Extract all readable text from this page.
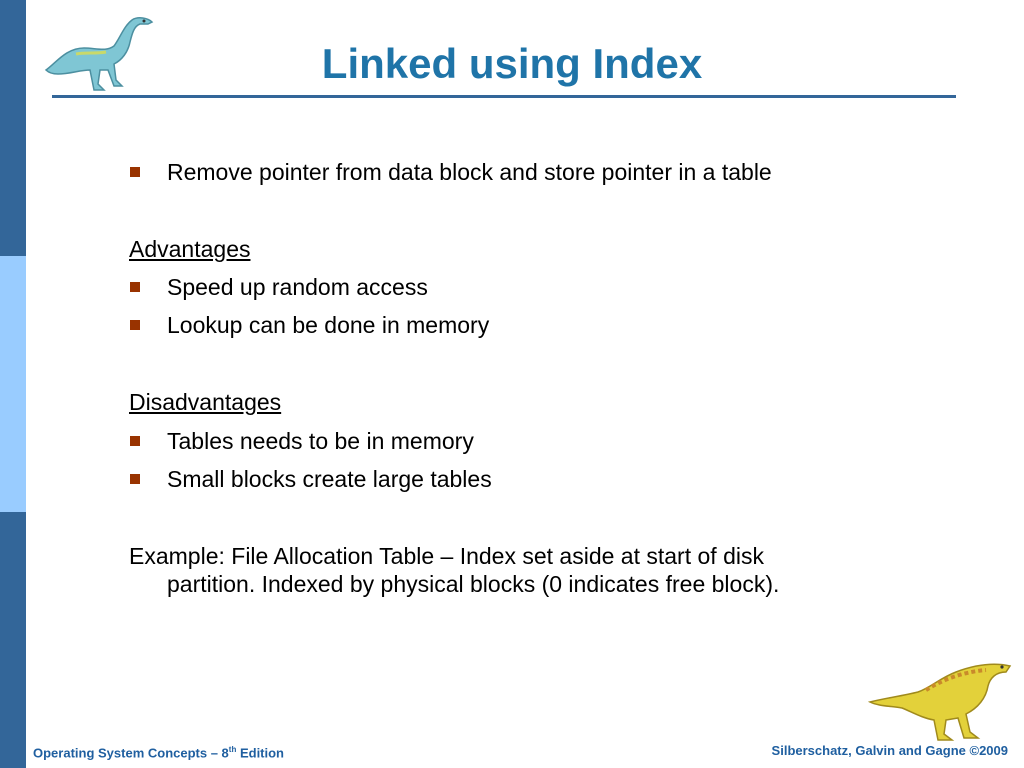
Linked using Index
Remove pointer from data block and store pointer in a table
Advantages
Speed up random access
Lookup can be done in memory
Disadvantages
Tables needs to be in memory
Small blocks create large tables
Example: File Allocation Table – Index set aside at start of disk
partition. Indexed by physical blocks (0 indicates free block).
Operating System Concepts – 8th Edition	Silberschatz, Galvin and Gagne ©2009
